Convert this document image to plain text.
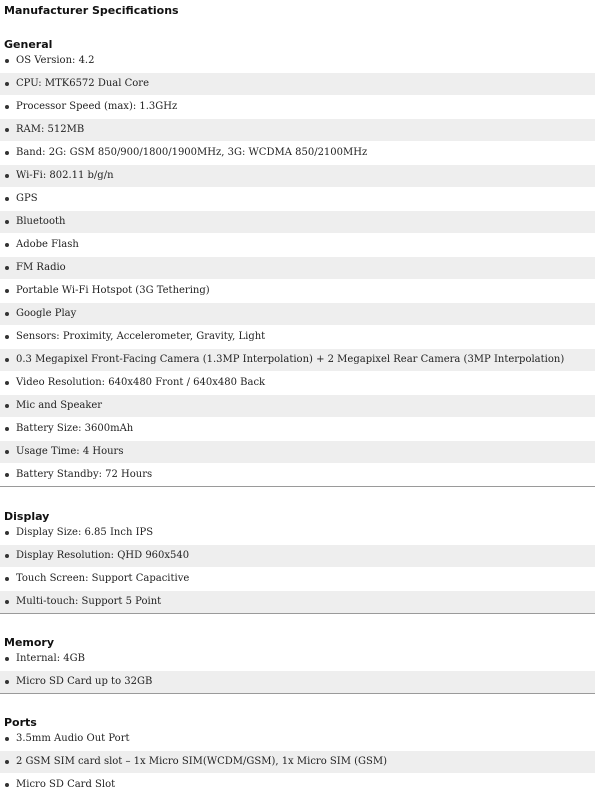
Manufacturer Specifications
General
OS Version: 4.2
CPU: MTK6572 Dual Core
Processor Speed (max): 1.3GHz
RAM: 512MB
Band: 2G: GSM 850/900/1800/1900MHz, 3G: WCDMA 850/2100MHz
Wi-Fi: 802.11 b/g/n
GPS
Bluetooth
Adobe Flash
FM Radio
Portable Wi-Fi Hotspot (3G Tethering)
Google Play
Sensors: Proximity, Accelerometer, Gravity, Light
0.3 Megapixel Front-Facing Camera (1.3MP Interpolation) + 2 Megapixel Rear Camera (3MP Interpolation)
Video Resolution: 640x480 Front / 640x480 Back
Mic and Speaker
Battery Size: 3600mAh
Usage Time: 4 Hours
Battery Standby: 72 Hours
Display
Display Size: 6.85 Inch IPS
Display Resolution: QHD 960x540
Touch Screen: Support Capacitive
Multi-touch: Support 5 Point
Memory
Internal: 4GB
Micro SD Card up to 32GB
Ports
3.5mm Audio Out Port
2 GSM SIM card slot – 1x Micro SIM(WCDM/GSM), 1x Micro SIM (GSM)
Micro SD Card Slot
